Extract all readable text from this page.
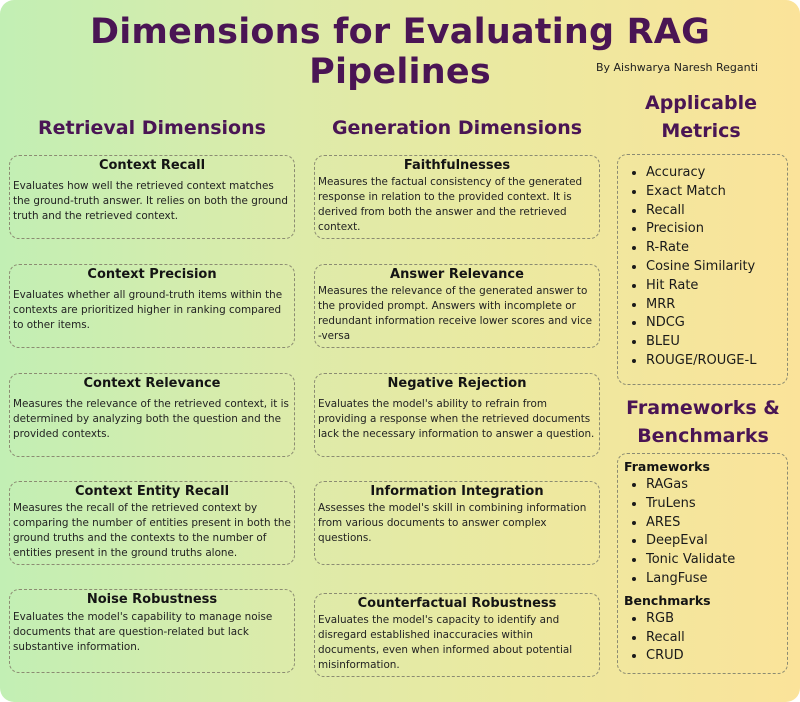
Dimensions for Evaluating RAG Pipelines	By Aishwarya Naresh Reganti
Retrieval Dimensions	Generation Dimensions
Applicable
Metrics
Context Recall
Evaluates how well the retrieved context matches the ground-truth answer. It relies on both the ground truth and the retrieved context.
Context Precision
Evaluates whether all ground-truth items within the contexts are prioritized higher in ranking compared to other items.
Context Relevance
Measures the relevance of the retrieved context, it is determined by analyzing both the question and the provided contexts.
Context Entity Recall
Measures the recall of the retrieved context by comparing the number of entities present in both the ground truths and the contexts to the number of entities present in the ground truths alone.
Noise Robustness
Evaluates the model's capability to manage noise documents that are question-related but lack substantive information.
Faithfulnesses
Measures the factual consistency of the generated response in relation to the provided context. It is derived from both the answer and the retrieved context.
Answer Relevance
Measures the relevance of the generated answer to the provided prompt. Answers with incomplete or redundant information receive lower scores and vice -versa
Negative Rejection
Evaluates the model's ability to refrain from providing a response when the retrieved documents lack the necessary information to answer a question.
Information Integration
Assesses the model's skill in combining information from various documents to answer complex questions.
Counterfactual Robustness
Evaluates the model's capacity to identify and disregard established inaccuracies within documents, even when informed about potential misinformation.
• Accuracy
• Exact Match
• Recall
• Precision
• R-Rate
• Cosine Similarity
• Hit Rate
• MRR
• NDCG
• BLEU
• ROUGE/ROUGE-L
Frameworks &
Benchmarks
Frameworks
• RAGas
• TruLens
• ARES
• DeepEval
• Tonic Validate
• LangFuse
Benchmarks
• RGB
• Recall
• CRUD
